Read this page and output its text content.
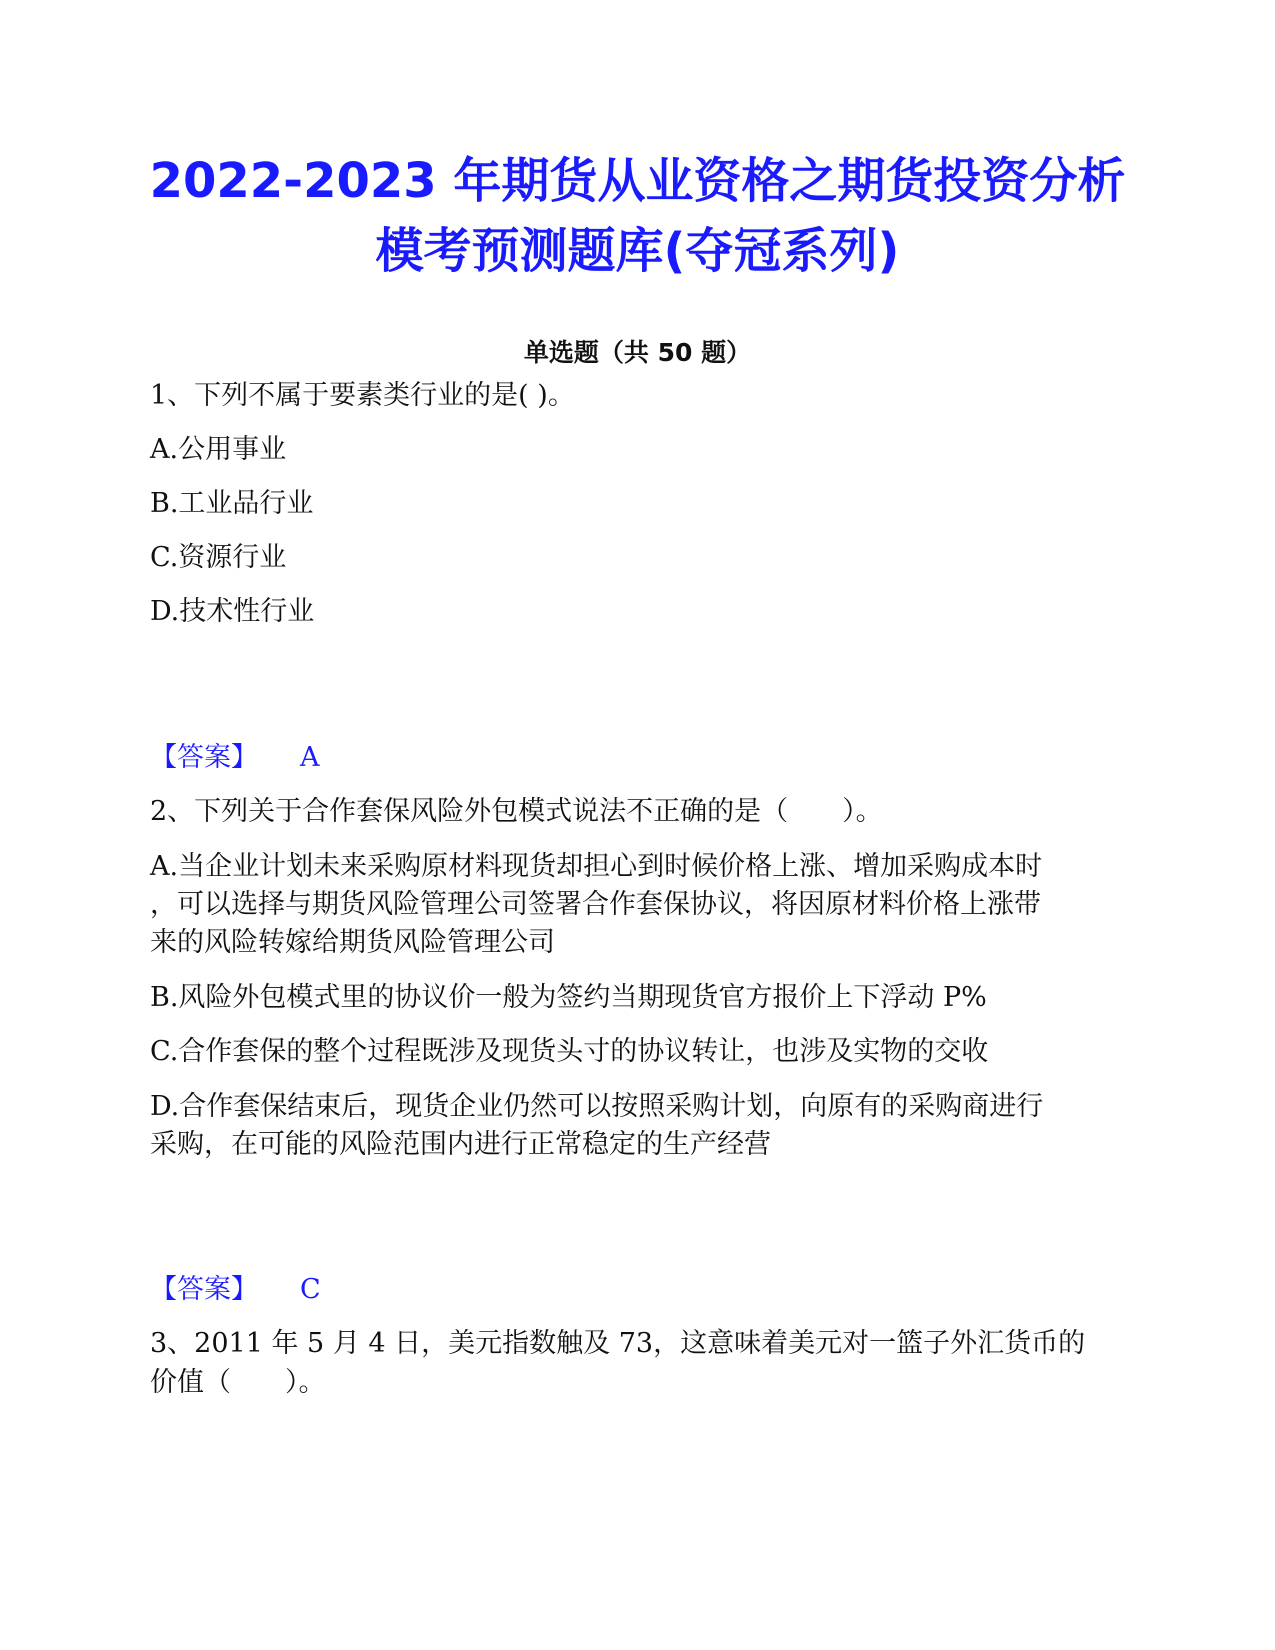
2022-2023 年期货从业资格之期货投资分析
模考预测题库(夺冠系列)
单选题（共 50 题）
1、下列不属于要素类行业的是( )。
A.公用事业
B.工业品行业
C.资源行业
D.技术性行业
【答案】 A
2、下列关于合作套保风险外包模式说法不正确的是（　　）。
A.当企业计划未来采购原材料现货却担心到时候价格上涨、增加采购成本时
，可以选择与期货风险管理公司签署合作套保协议，将因原材料价格上涨带
来的风险转嫁给期货风险管理公司
B.风险外包模式里的协议价一般为签约当期现货官方报价上下浮动 P%
C.合作套保的整个过程既涉及现货头寸的协议转让，也涉及实物的交收
D.合作套保结束后，现货企业仍然可以按照采购计划，向原有的采购商进行
采购，在可能的风险范围内进行正常稳定的生产经营
【答案】 C
3、2011 年 5 月 4 日，美元指数触及 73，这意味着美元对一篮子外汇货币的
价值（　　）。
